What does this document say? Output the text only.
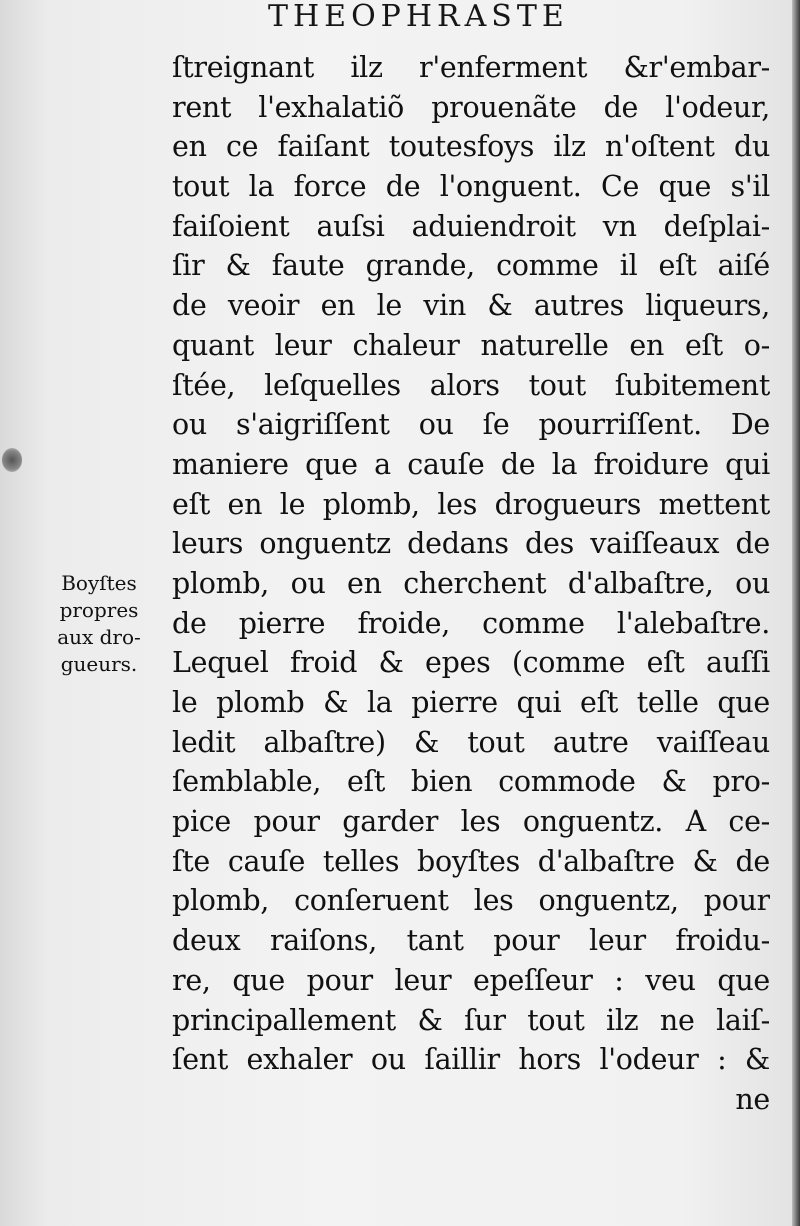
THEOPHRASTE
Boyſtes
propres
aux dro-
gueurs.
ſtreignant ilz r'enferment &r'embar-
rent l'exhalatiõ prouenãte de l'odeur,
en ce faiſant toutesfoys ilz n'oſtent du
tout la force de l'onguent. Ce que s'il
faiſoient auſsi aduiendroit vn deſplai-
ſir & faute grande, comme il eſt aiſé
de veoir en le vin & autres liqueurs,
quant leur chaleur naturelle en eſt o-
ſtée, leſquelles alors tout ſubitement
ou s'aigriſſent ou ſe pourriſſent. De
maniere que a cauſe de la froidure qui
eſt en le plomb, les drogueurs mettent
leurs onguentz dedans des vaiſſeaux de
plomb, ou en cherchent d'albaſtre, ou
de pierre froide, comme l'alebaſtre.
Lequel froid & epes (comme eſt auſſi
le plomb & la pierre qui eſt telle que
ledit albaſtre) & tout autre vaiſſeau
ſemblable, eſt bien commode & pro-
pice pour garder les onguentz. A ce-
ſte cauſe telles boyſtes d'albaſtre & de
plomb, conſeruent les onguentz, pour
deux raiſons, tant pour leur froidu-
re, que pour leur epeſſeur : veu que
principallement & ſur tout ilz ne laiſ-
ſent exhaler ou ſaillir hors l'odeur : &
ne
